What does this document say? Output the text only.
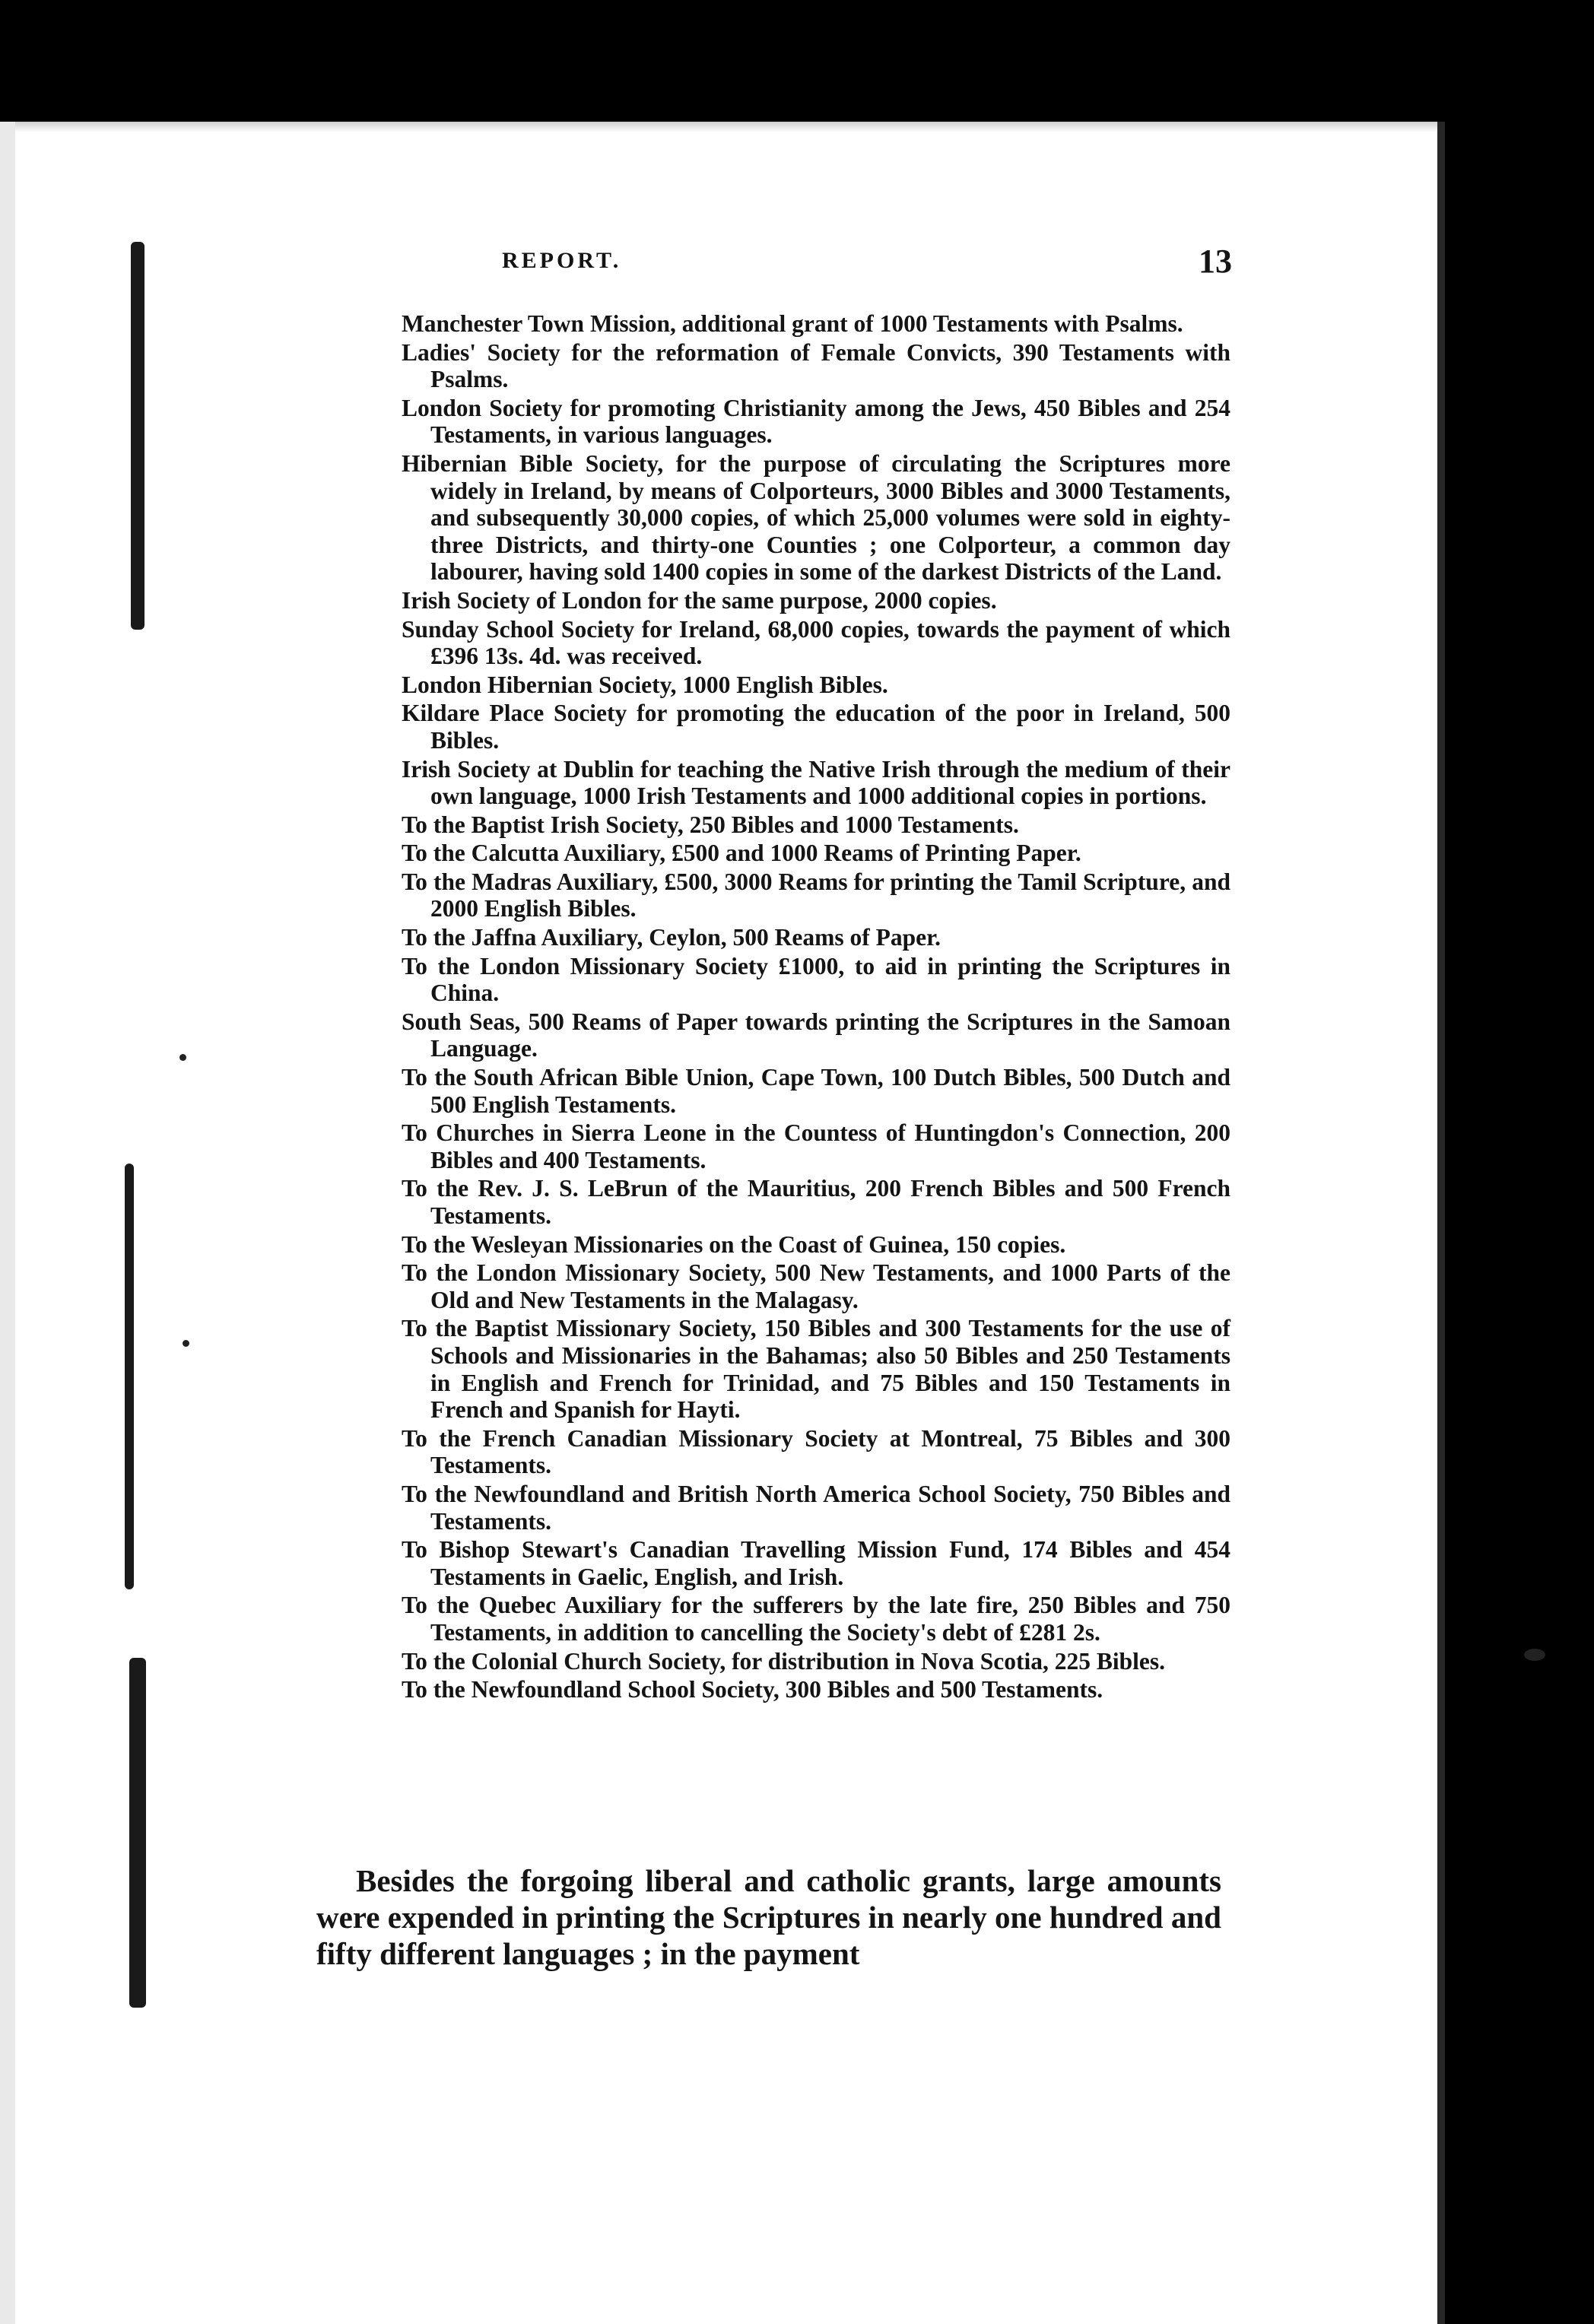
REPORT.	13

Manchester Town Mission, additional grant of 1000 Testaments with Psalms.

Ladies' Society for the reformation of Female Convicts, 390 Testaments with Psalms.

London Society for promoting Christianity among the Jews, 450 Bibles and 254 Testaments, in various languages.

Hibernian Bible Society, for the purpose of circulating the Scriptures more widely in Ireland, by means of Colporteurs, 3000 Bibles and 3000 Testaments, and subsequently 30,000 copies, of which 25,000 volumes were sold in eighty-three Districts, and thirty-one Counties ; one Colporteur, a common day labourer, having sold 1400 copies in some of the darkest Districts of the Land.

Irish Society of London for the same purpose, 2000 copies.

Sunday School Society for Ireland, 68,000 copies, towards the payment of which £396 13s. 4d. was received.

London Hibernian Society, 1000 English Bibles.

Kildare Place Society for promoting the education of the poor in Ireland, 500 Bibles.

Irish Society at Dublin for teaching the Native Irish through the medium of their own language, 1000 Irish Testaments and 1000 additional copies in portions.

To the Baptist Irish Society, 250 Bibles and 1000 Testaments.

To the Calcutta Auxiliary, £500 and 1000 Reams of Printing Paper.

To the Madras Auxiliary, £500, 3000 Reams for printing the Tamil Scripture, and 2000 English Bibles.

To the Jaffna Auxiliary, Ceylon, 500 Reams of Paper.

To the London Missionary Society £1000, to aid in printing the Scriptures in China.

South Seas, 500 Reams of Paper towards printing the Scriptures in the Samoan Language.

To the South African Bible Union, Cape Town, 100 Dutch Bibles, 500 Dutch and 500 English Testaments.

To Churches in Sierra Leone in the Countess of Huntingdon's Connection, 200 Bibles and 400 Testaments.

To the Rev. J. S. LeBrun of the Mauritius, 200 French Bibles and 500 French Testaments.

To the Wesleyan Missionaries on the Coast of Guinea, 150 copies.

To the London Missionary Society, 500 New Testaments, and 1000 Parts of the Old and New Testaments in the Malagasy.

To the Baptist Missionary Society, 150 Bibles and 300 Testaments for the use of Schools and Missionaries in the Bahamas; also 50 Bibles and 250 Testaments in English and French for Trinidad, and 75 Bibles and 150 Testaments in French and Spanish for Hayti.

To the French Canadian Missionary Society at Montreal, 75 Bibles and 300 Testaments.

To the Newfoundland and British North America School Society, 750 Bibles and Testaments.

To Bishop Stewart's Canadian Travelling Mission Fund, 174 Bibles and 454 Testaments in Gaelic, English, and Irish.

To the Quebec Auxiliary for the sufferers by the late fire, 250 Bibles and 750 Testaments, in addition to cancelling the Society's debt of £281 2s.

To the Colonial Church Society, for distribution in Nova Scotia, 225 Bibles.

To the Newfoundland School Society, 300 Bibles and 500 Testaments.

Besides the forgoing liberal and catholic grants, large amounts were expended in printing the Scriptures in nearly one hundred and fifty different languages ; in the payment
